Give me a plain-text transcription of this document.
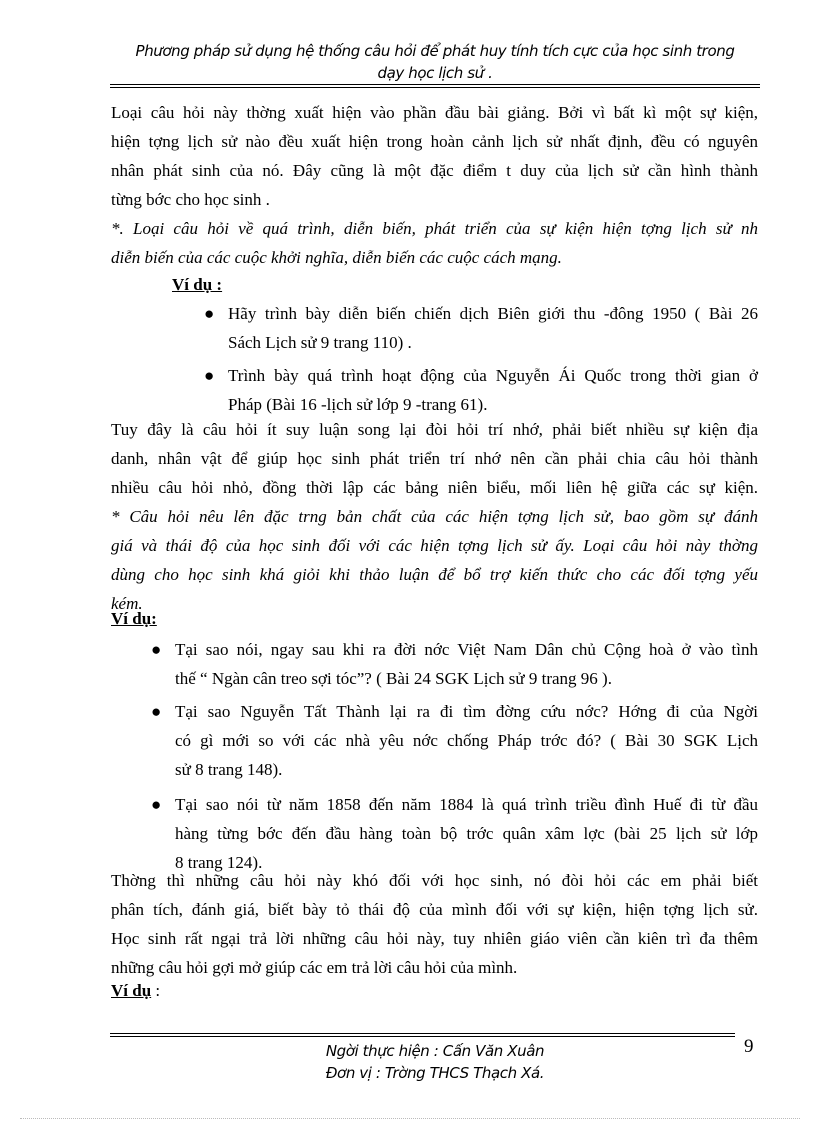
Phương pháp sử dụng hệ thống câu hỏi để phát huy tính tích cực của học sinh trong
dạy học lịch sử .

Loại câu hỏi này thờng xuất hiện vào phần đầu bài giảng. Bởi vì bất kì một sự kiện,

hiện tợng lịch sử nào đều xuất hiện trong hoàn cảnh lịch sử nhất định, đều có nguyên

nhân phát sinh của nó. Đây cũng là một đặc điểm t duy của lịch sử cần hình thành

từng bớc cho học sinh .

*. Loại câu hỏi về quá trình, diễn biến, phát triển của sự kiện hiện tợng lịch sử nh

diễn biến của các cuộc khởi nghĩa, diễn biến các cuộc cách mạng.

Ví dụ :

● Hãy trình bày diễn biến chiến dịch Biên giới thu -đông 1950 ( Bài 26

Sách Lịch sử 9 trang 110) .

● Trình bày quá trình hoạt động của Nguyễn Ái Quốc trong thời gian ở

Pháp (Bài 16 -lịch sử lớp 9 -trang 61).

Tuy đây là câu hỏi ít suy luận song lại đòi hỏi trí nhớ, phải biết nhiều sự kiện địa

danh, nhân vật để giúp học sinh phát triển trí nhớ nên cần phải chia câu hỏi thành

nhiều câu hỏi nhỏ, đồng thời lập các bảng niên biểu, mối liên hệ giữa các sự kiện.

* Câu hỏi nêu lên đặc trng bản chất của các hiện tợng lịch sử, bao gồm sự đánh

giá và thái độ của học sinh đối với các hiện tợng lịch sử ấy. Loại câu hỏi này thờng

dùng cho học sinh khá giỏi khi thảo luận để bổ trợ kiến thức cho các đối tợng yếu

kém.

Ví dụ:

● Tại sao nói, ngay sau khi ra đời nớc Việt Nam Dân chủ Cộng hoà ở vào tình

thế “ Ngàn cân treo sợi tóc”? ( Bài 24 SGK Lịch sử 9 trang 96 ).

● Tại sao Nguyễn Tất Thành lại ra đi tìm đờng cứu nớc? Hớng đi của Ngời

có gì mới so với các nhà yêu nớc chống Pháp trớc đó? ( Bài 30 SGK Lịch

sử 8 trang 148).

● Tại sao nói từ năm 1858 đến năm 1884 là quá trình triều đình Huế đi từ đầu

hàng từng bớc đến đầu hàng toàn bộ trớc quân xâm lợc (bài 25 lịch sử lớp

8 trang 124).

Thờng thì những câu hỏi này khó đối với học sinh, nó đòi hỏi các em phải biết

phân tích, đánh giá, biết bày tỏ thái độ của mình đối với sự kiện, hiện tợng lịch sử.

Học sinh rất ngại trả lời những câu hỏi này, tuy nhiên giáo viên cần kiên trì đa thêm

những câu hỏi gợi mở giúp các em trả lời câu hỏi của mình.

Ví dụ :

9
Ngời thực hiện : Cấn Văn Xuân
Đơn vị : Trờng THCS Thạch Xá.
